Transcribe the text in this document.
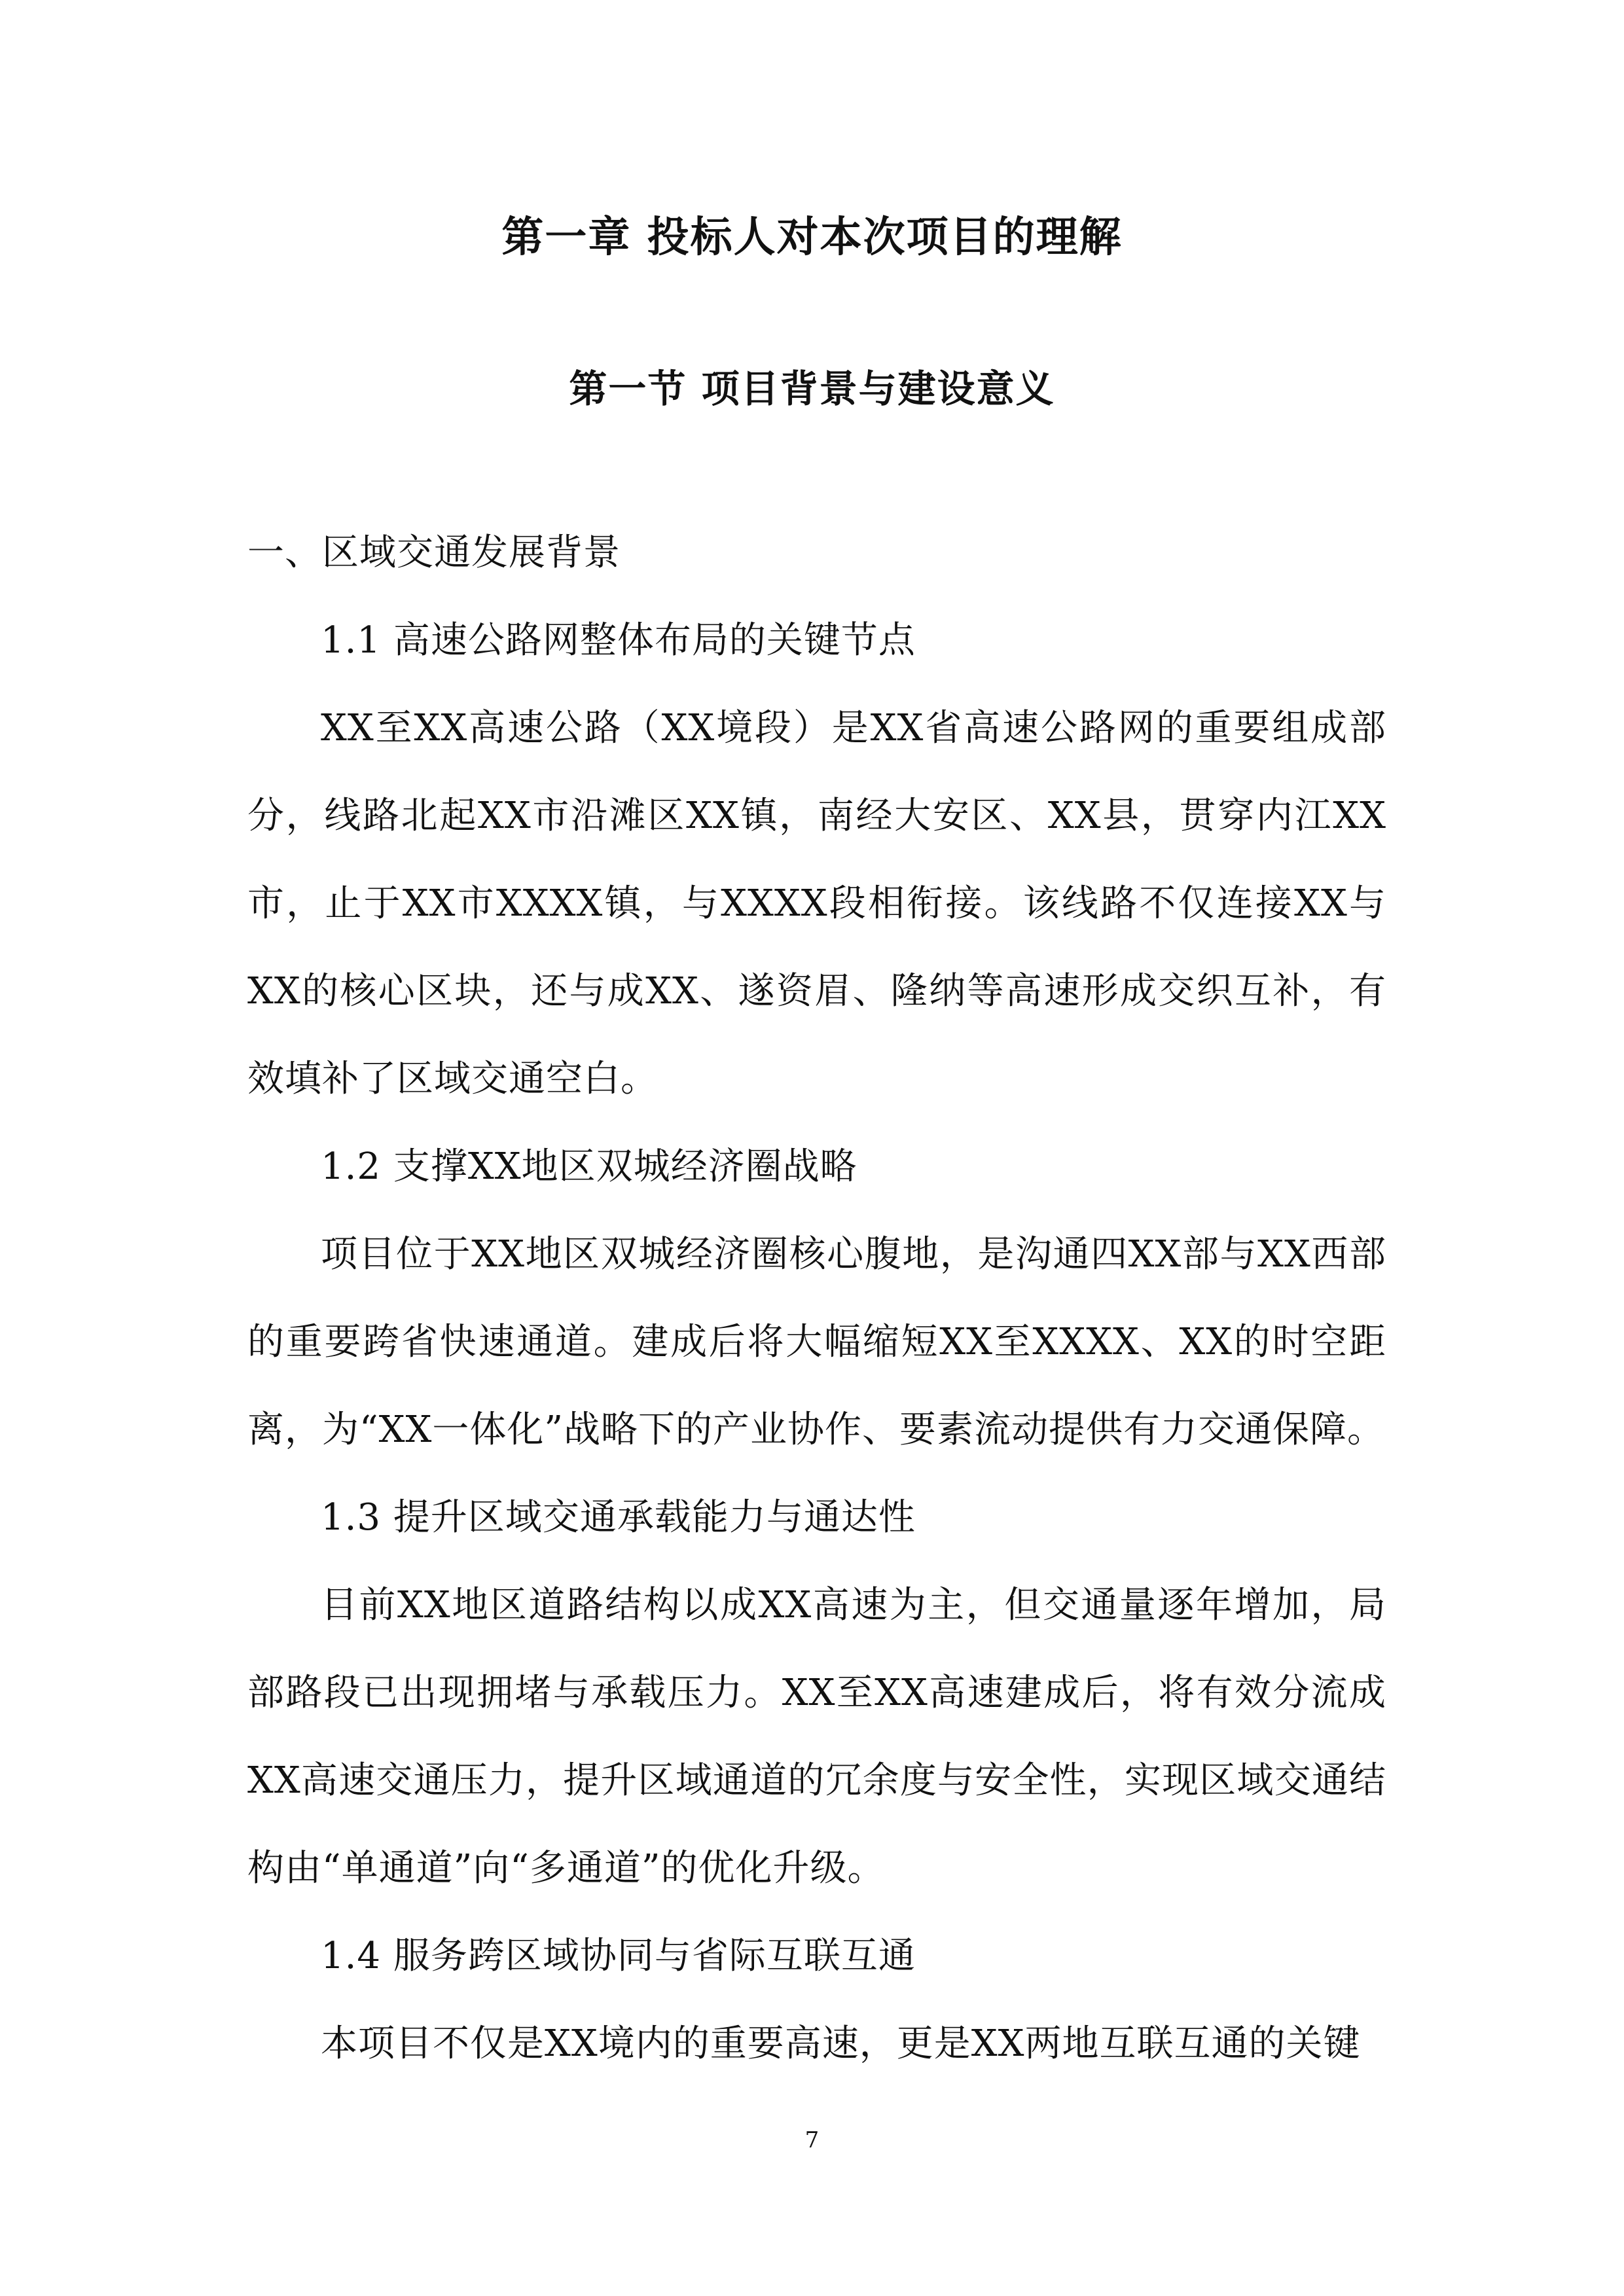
第一章 投标人对本次项目的理解
第一节 项目背景与建设意义

一、区域交通发展背景

1.1 高速公路网整体布局的关键节点

XX至XX高速公路（XX境段）是XX省高速公路网的重要组成部分，线路北起XX市沿滩区XX镇，南经大安区、XX县，贯穿内江XX市，止于XX市XXXX镇，与XXXX段相衔接。该线路不仅连接XX与XX的核心区块，还与成XX、遂资眉、隆纳等高速形成交织互补，有效填补了区域交通空白。

1.2 支撑XX地区双城经济圈战略

项目位于XX地区双城经济圈核心腹地，是沟通四XX部与XX西部的重要跨省快速通道。建成后将大幅缩短XX至XXXX、XX的时空距离，为“XX一体化”战略下的产业协作、要素流动提供有力交通保障。

1.3 提升区域交通承载能力与通达性

目前XX地区道路结构以成XX高速为主，但交通量逐年增加，局部路段已出现拥堵与承载压力。XX至XX高速建成后，将有效分流成XX高速交通压力，提升区域通道的冗余度与安全性，实现区域交通结构由“单通道”向“多通道”的优化升级。

1.4 服务跨区域协同与省际互联互通

本项目不仅是XX境内的重要高速，更是XX两地互联互通的关键

7
